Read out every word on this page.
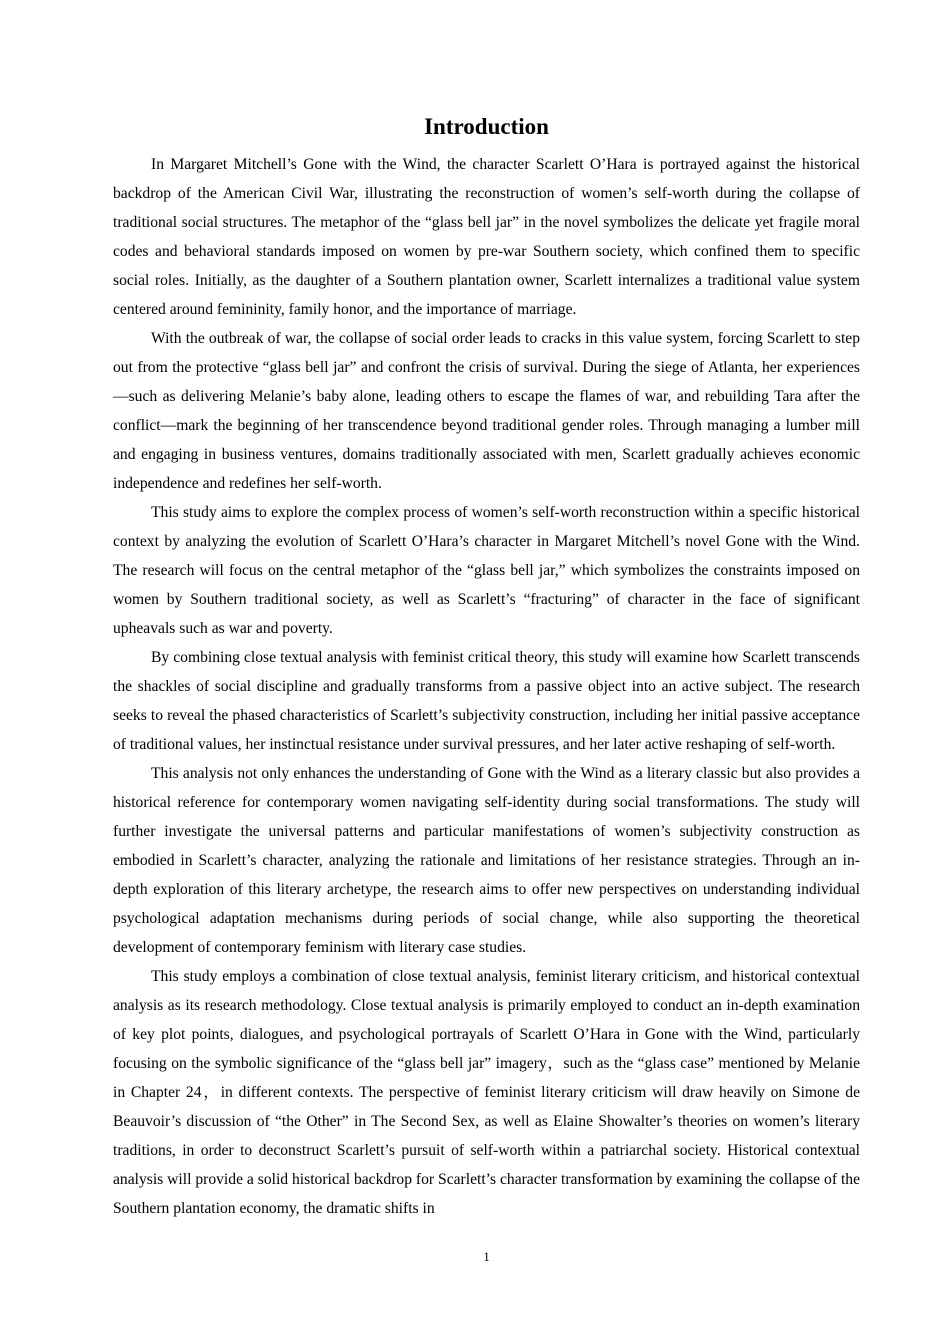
Introduction

In Margaret Mitchell’s Gone with the Wind, the character Scarlett O’Hara is portrayed against the historical backdrop of the American Civil War, illustrating the reconstruction of women’s self-worth during the collapse of traditional social structures. The metaphor of the “glass bell jar” in the novel symbolizes the delicate yet fragile moral codes and behavioral standards imposed on women by pre-war Southern society, which confined them to specific social roles. Initially, as the daughter of a Southern plantation owner, Scarlett internalizes a traditional value system centered around femininity, family honor, and the importance of marriage.

With the outbreak of war, the collapse of social order leads to cracks in this value system, forcing Scarlett to step out from the protective “glass bell jar” and confront the crisis of survival. During the siege of Atlanta, her experiences—such as delivering Melanie’s baby alone, leading others to escape the flames of war, and rebuilding Tara after the conflict—mark the beginning of her transcendence beyond traditional gender roles. Through managing a lumber mill and engaging in business ventures, domains traditionally associated with men, Scarlett gradually achieves economic independence and redefines her self-worth.

This study aims to explore the complex process of women’s self-worth reconstruction within a specific historical context by analyzing the evolution of Scarlett O’Hara’s character in Margaret Mitchell’s novel Gone with the Wind. The research will focus on the central metaphor of the “glass bell jar,” which symbolizes the constraints imposed on women by Southern traditional society, as well as Scarlett’s “fracturing” of character in the face of significant upheavals such as war and poverty.

By combining close textual analysis with feminist critical theory, this study will examine how Scarlett transcends the shackles of social discipline and gradually transforms from a passive object into an active subject. The research seeks to reveal the phased characteristics of Scarlett’s subjectivity construction, including her initial passive acceptance of traditional values, her instinctual resistance under survival pressures, and her later active reshaping of self-worth.

This analysis not only enhances the understanding of Gone with the Wind as a literary classic but also provides a historical reference for contemporary women navigating self-identity during social transformations. The study will further investigate the universal patterns and particular manifestations of women’s subjectivity construction as embodied in Scarlett’s character, analyzing the rationale and limitations of her resistance strategies. Through an in-depth exploration of this literary archetype, the research aims to offer new perspectives on understanding individual psychological adaptation mechanisms during periods of social change, while also supporting the theoretical development of contemporary feminism with literary case studies.

This study employs a combination of close textual analysis, feminist literary criticism, and historical contextual analysis as its research methodology. Close textual analysis is primarily employed to conduct an in-depth examination of key plot points, dialogues, and psychological portrayals of Scarlett O’Hara in Gone with the Wind, particularly focusing on the symbolic significance of the “glass bell jar” imagery，such as the “glass case” mentioned by Melanie in Chapter 24，in different contexts. The perspective of feminist literary criticism will draw heavily on Simone de Beauvoir’s discussion of “the Other” in The Second Sex, as well as Elaine Showalter’s theories on women’s literary traditions, in order to deconstruct Scarlett’s pursuit of self-worth within a patriarchal society. Historical contextual analysis will provide a solid historical backdrop for Scarlett’s character transformation by examining the collapse of the Southern plantation economy, the dramatic shifts in

1
